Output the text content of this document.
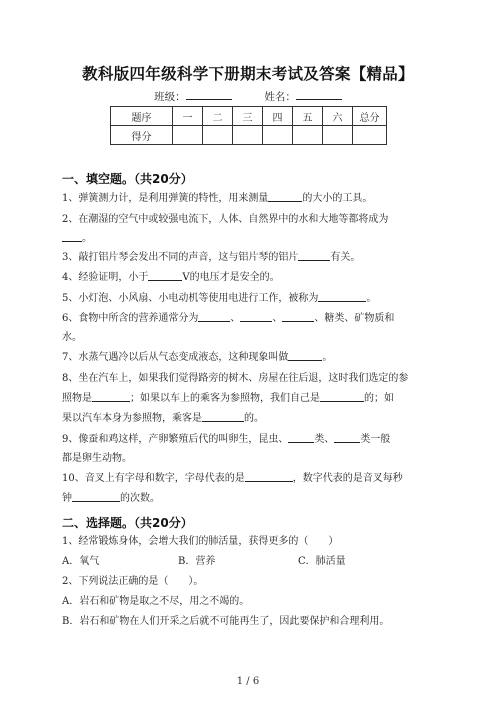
教科版四年级科学下册期末考试及答案【精品】
班级：	姓名：
题序	一	二	三	四	五	六	总分
得分							
一、填空题。（共20分）
1、弹簧测力计，是利用弹簧的特性，用来测量	的大小的工具。
2、在潮湿的空气中或较强电流下，人体、自然界中的水和大地等都将成为
。
3、敲打铝片琴会发出不同的声音，这与铝片琴的铝片	有关。
4、经验证明，小于	V的电压才是安全的。
5、小灯泡、小风扇、小电动机等使用电进行工作，被称为	。
6、食物中所含的营养通常分为	、	、	、糖类、矿物质和
水。
7、水蒸气遇冷以后从气态变成液态，这种现象叫做	。
8、坐在汽车上，如果我们觉得路旁的树木、房屋在往后退，这时我们选定的参
照物是	；如果以车上的乘客为参照物，我们自己是	的；如
果以汽车本身为参照物，乘客是	的。
9、像蚕和鸡这样，产卵繁殖后代的叫卵生，昆虫、	类、	类一般
都是卵生动物。
10、音叉上有字母和数字，字母代表的是	，数字代表的是音叉每秒
钟	的次数。
二、选择题。（共20分）
1、经常锻炼身体，会增大我们的肺活量，获得更多的（　　）
A．氧气	B．营养	C．肺活量
2、下列说法正确的是（　　）。
A．岩石和矿物是取之不尽，用之不竭的。
B．岩石和矿物在人们开采之后就不可能再生了，因此要保护和合理利用。
1 / 6
